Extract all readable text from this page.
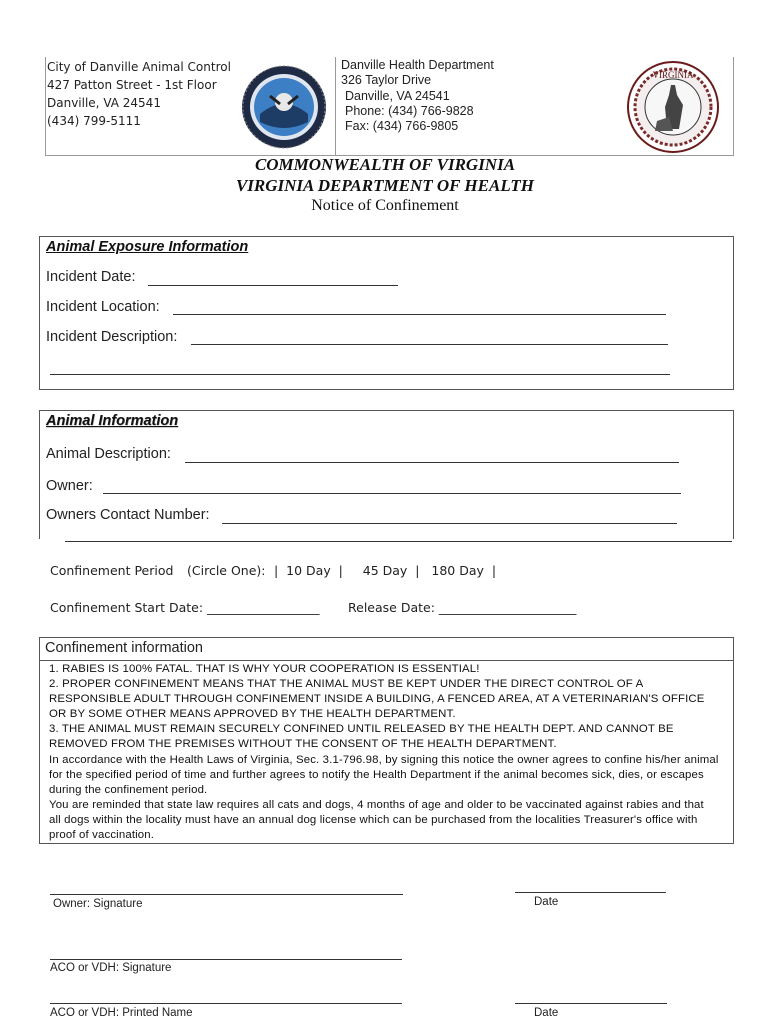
City of Danville Animal Control
427 Patton Street - 1st Floor
Danville, VA 24541
(434) 799-5111
Danville Health Department
326 Taylor Drive
Danville, VA 24541
Phone: (434) 766-9828
Fax: (434) 766-9805
VIRGINIA
COMMONWEALTH OF VIRGINIA
VIRGINIA DEPARTMENT OF HEALTH
Notice of Confinement
Animal Exposure Information
Incident Date:
Incident Location:
Incident Description:
Animal Information
Animal Description:
Owner:
Owners Contact Number:
Confinement Period (Circle One): |  10 Day  |     45 Day  |   180 Day  |
Confinement Start Date: __________________ Release Date: ______________________
Confinement information

1. RABIES IS 100% FATAL. THAT IS WHY YOUR COOPERATION IS ESSENTIAL!

2. PROPER CONFINEMENT MEANS THAT THE ANIMAL MUST BE KEPT UNDER THE DIRECT CONTROL OF A RESPONSIBLE ADULT THROUGH CONFINEMENT INSIDE A BUILDING, A FENCED AREA, AT A VETERINARIAN'S OFFICE OR BY SOME OTHER MEANS APPROVED BY THE HEALTH DEPARTMENT.

3. THE ANIMAL MUST REMAIN SECURELY CONFINED UNTIL RELEASED BY THE HEALTH DEPT. AND CANNOT BE REMOVED FROM THE PREMISES WITHOUT THE CONSENT OF THE HEALTH DEPARTMENT.

In accordance with the Health Laws of Virginia, Sec. 3.1-796.98, by signing this notice the owner agrees to confine his/her animal for the specified period of time and further agrees to notify the Health Department if the animal becomes sick, dies, or escapes during the confinement period.

You are reminded that state law requires all cats and dogs, 4 months of age and older to be vaccinated against rabies and that all dogs within the locality must have an annual dog license which can be purchased from the localities Treasurer's office with proof of vaccination.

Owner: Signature	Date
ACO or VDH: Signature
ACO or VDH: Printed Name	Date
